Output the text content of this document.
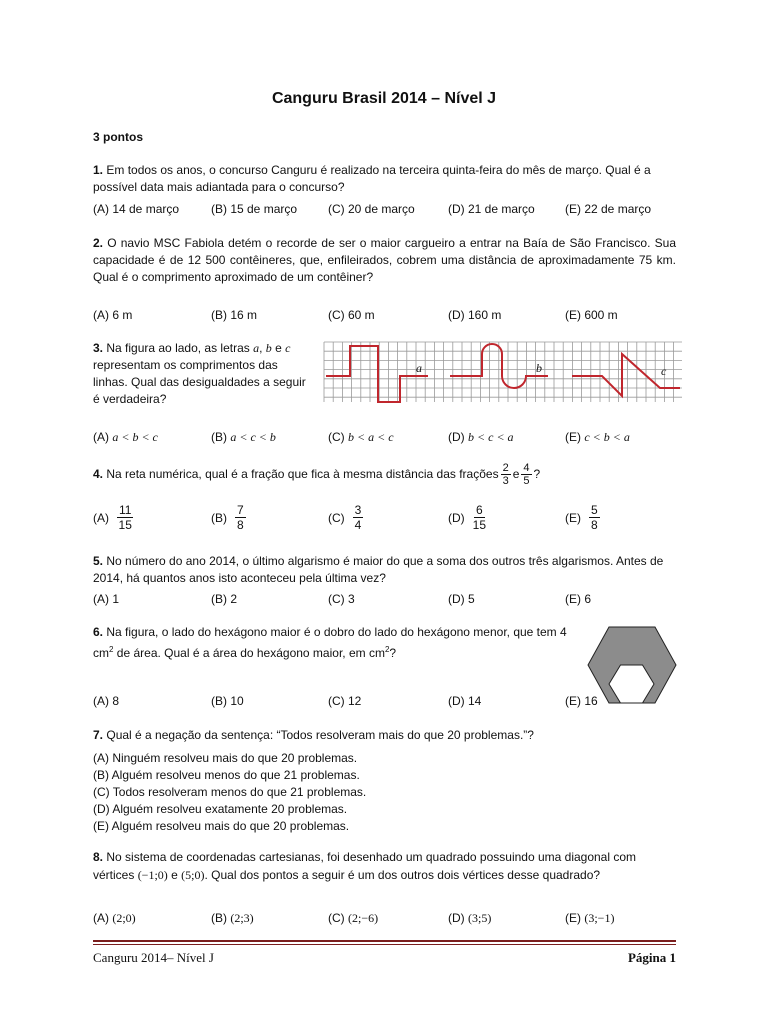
Canguru Brasil 2014 – Nível J
3 pontos
1. Em todos os anos, o concurso Canguru é realizado na terceira quinta-feira do mês de março. Qual é a possível data mais adiantada para o concurso?
(A) 14 de março	(B) 15 de março	(C) 20 de março	(D) 21 de março	(E) 22 de março
2. O navio MSC Fabiola detém o recorde de ser o maior cargueiro a entrar na Baía de São Francisco. Sua capacidade é de 12 500 contêineres, que, enfileirados, cobrem uma distância de aproximadamente 75 km. Qual é o comprimento aproximado de um contêiner?
(A) 6 m	(B) 16 m	(C) 60 m	(D) 160 m	(E) 600 m
3. Na figura ao lado, as letras a, b e c representam os comprimentos das linhas. Qual das desigualdades a seguir é verdadeira?
a	b	c
(A) a < b < c	(B) a < c < b	(C) b < a < c	(D) b < c < a	(E) c < b < a
4.
Na reta numérica, qual é a fração que fica à mesma distância das frações $\frac{2}{3}$ e $\frac{4}{5}$ ?
$(A) \frac{11}{15}$	$(B) \frac{7}{8}$	$(C) \frac{3}{4}$	$(D) \frac{6}{15}$	$(E) \frac{5}{8}$
5. No número do ano 2014, o último algarismo é maior do que a soma dos outros três algarismos. Antes de 2014, há quantos anos isto aconteceu pela última vez?
(A) 1	(B) 2	(C) 3	(D) 5	(E) 6
6. Na figura, o lado do hexágono maior é o dobro do lado do hexágono menor, que tem 4 $cm^2$ de área. Qual é a área do hexágono maior, em $cm^2$?
(A) 8	(B) 10	(C) 12	(D) 14	(E) 16
7. Qual é a negação da sentença: “Todos resolveram mais do que 20 problemas.”?
(A) Ninguém resolveu mais do que 20 problemas.
(B) Alguém resolveu menos do que 21 problemas.
(C) Todos resolveram menos do que 21 problemas.
(D) Alguém resolveu exatamente 20 problemas.
(E) Alguém resolveu mais do que 20 problemas.
8. No sistema de coordenadas cartesianas, foi desenhado um quadrado possuindo uma diagonal com vértices (−1;0) e (5;0). Qual dos pontos a seguir é um dos outros dois vértices desse quadrado?
(A) (2;0)	(B) (2;3)	(C) (2;−6)	(D) (3;5)	(E) (3;−1)
Canguru 2014– Nível J	Página 1
